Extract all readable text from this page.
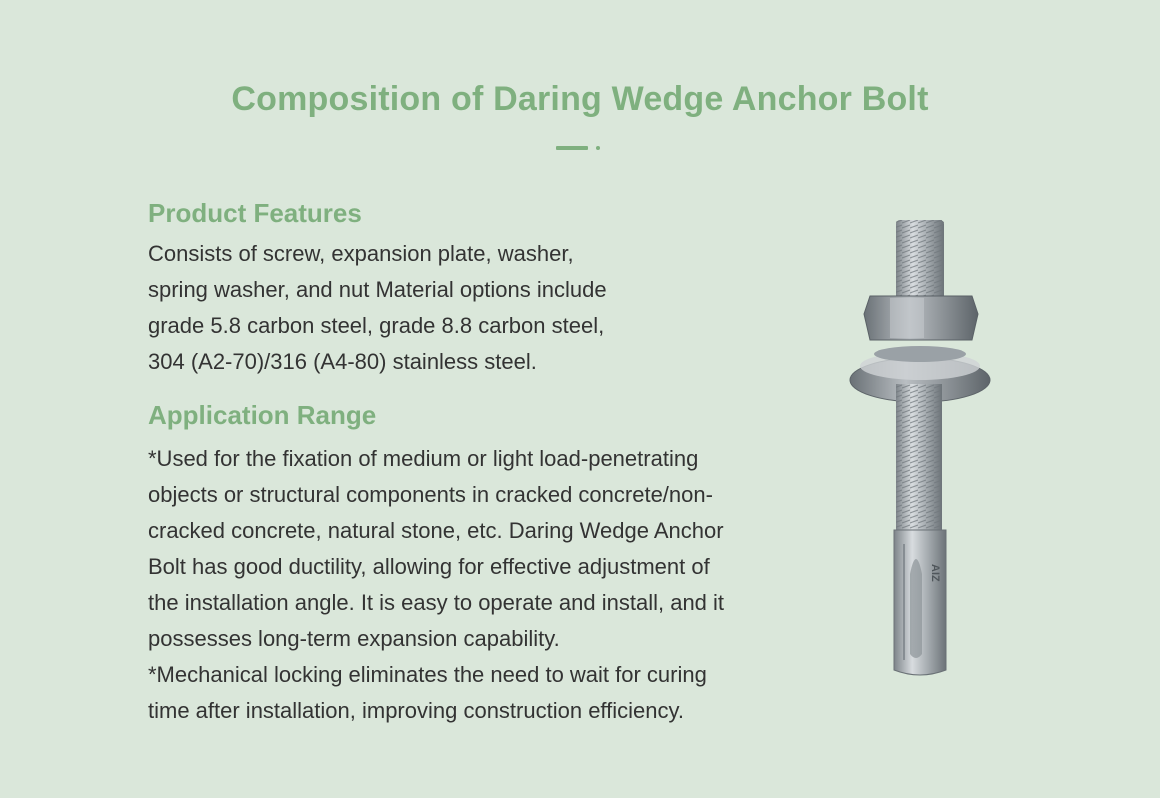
Composition of Daring Wedge Anchor Bolt
Product Features
Consists of screw, expansion plate, washer,
spring washer, and nut Material options include
grade 5.8 carbon steel, grade 8.8 carbon steel,
304 (A2-70)/316 (A4-80) stainless steel.
Application Range
*Used for the fixation of medium or light load-penetrating
objects or structural components in cracked concrete/non-
cracked concrete, natural stone, etc. Daring Wedge Anchor
Bolt has good ductility, allowing for effective adjustment of
the installation angle. It is easy to operate and install, and it
possesses long-term expansion capability.
*Mechanical locking eliminates the need to wait for curing
time after installation, improving construction efficiency.
AIZ
